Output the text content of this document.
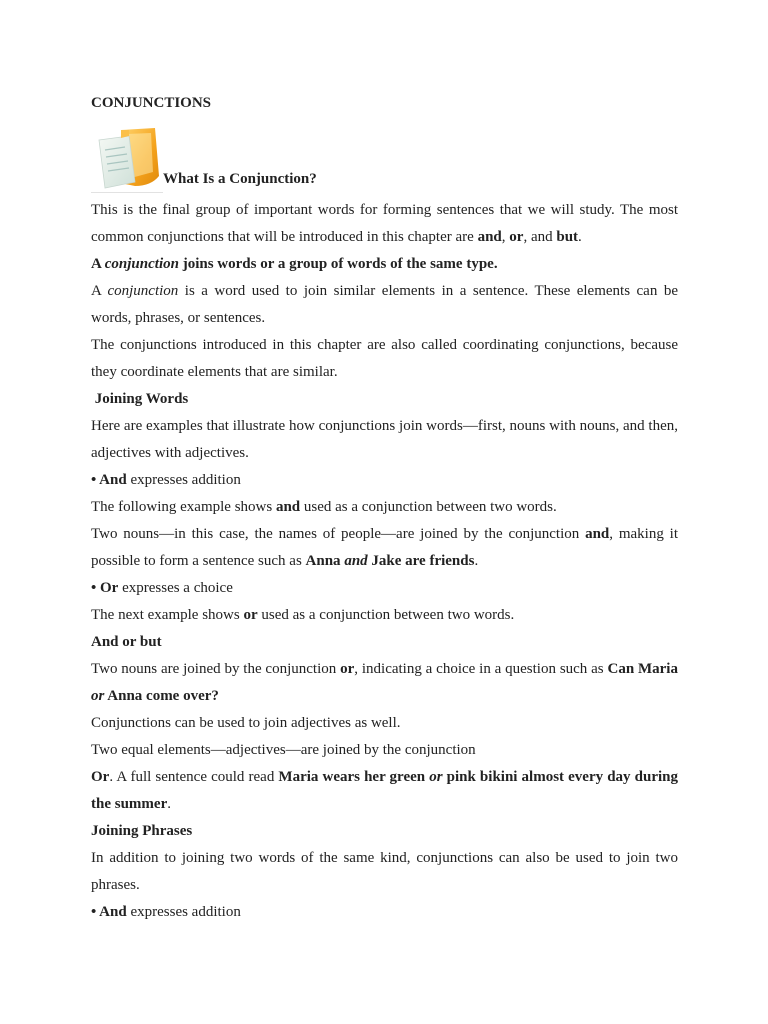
CONJUNCTIONS
What Is a Conjunction?

This is the final group of important words for forming sentences that we will study. The most common conjunctions that will be introduced in this chapter are and, or, and but.

A conjunction joins words or a group of words of the same type.

A conjunction is a word used to join similar elements in a sentence. These elements can be words, phrases, or sentences.

The conjunctions introduced in this chapter are also called coordinating conjunctions, because they coordinate elements that are similar.

Joining Words

Here are examples that illustrate how conjunctions join words—first, nouns with nouns, and then, adjectives with adjectives.

• And expresses addition

The following example shows and used as a conjunction between two words.

Two nouns—in this case, the names of people—are joined by the conjunction and, making it possible to form a sentence such as Anna and Jake are friends.

• Or expresses a choice

The next example shows or used as a conjunction between two words.

And or but

Two nouns are joined by the conjunction or, indicating a choice in a question such as Can Maria or Anna come over?

Conjunctions can be used to join adjectives as well.

Two equal elements—adjectives—are joined by the conjunction

Or. A full sentence could read Maria wears her green or pink bikini almost every day during the summer.

Joining Phrases

In addition to joining two words of the same kind, conjunctions can also be used to join two phrases.

• And expresses addition
